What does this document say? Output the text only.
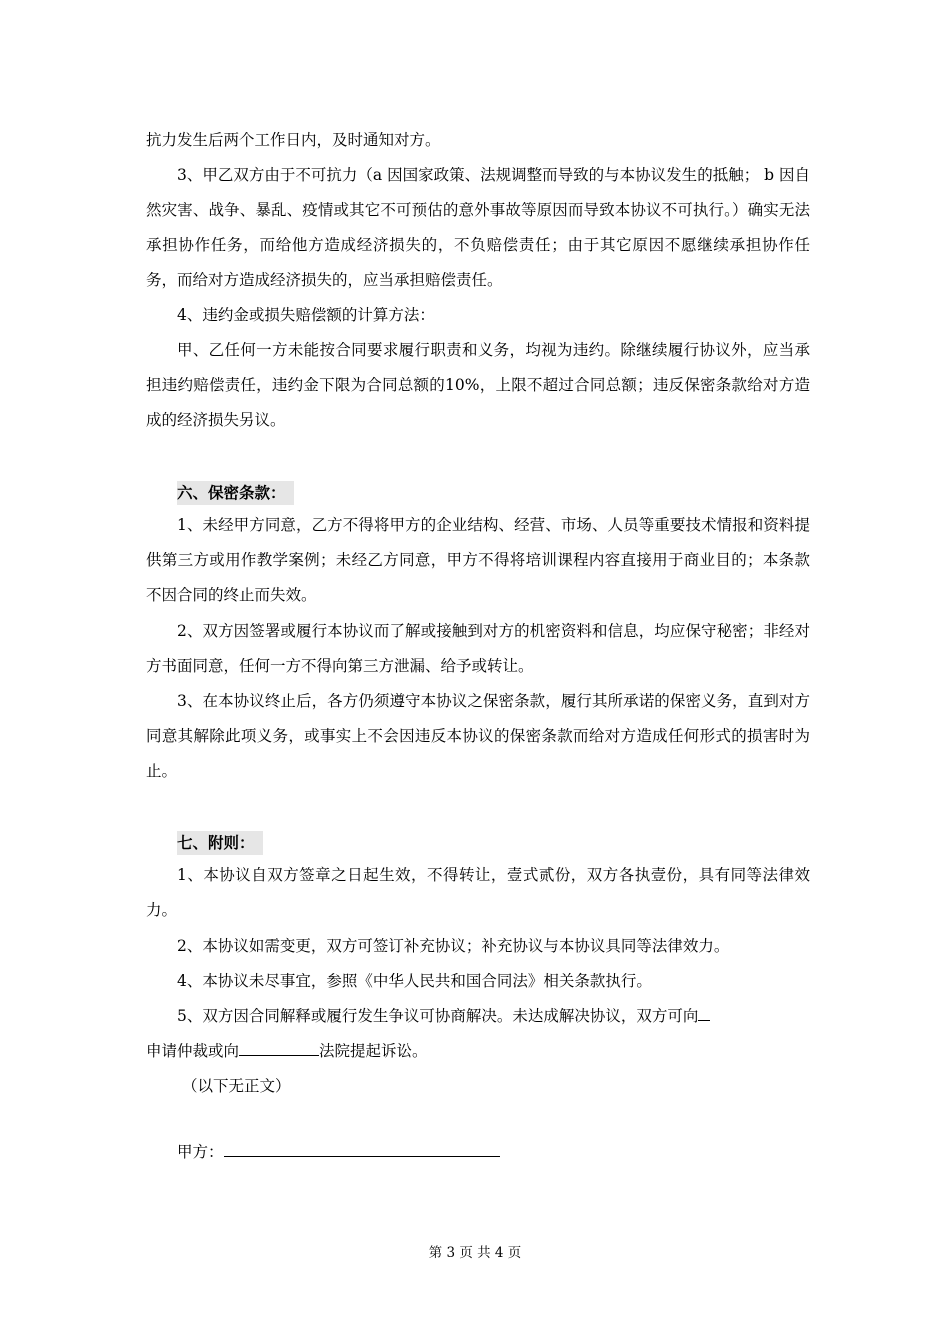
抗力发生后两个工作日内，及时通知对方。

3、甲乙双方由于不可抗力（a 因国家政策、法规调整而导致的与本协议发生的抵触； b 因自然灾害、战争、暴乱、疫情或其它不可预估的意外事故等原因而导致本协议不可执行。）确实无法承担协作任务，而给他方造成经济损失的，不负赔偿责任；由于其它原因不愿继续承担协作任务，而给对方造成经济损失的，应当承担赔偿责任。

4、违约金或损失赔偿额的计算方法：

甲、乙任何一方未能按合同要求履行职责和义务，均视为违约。除继续履行协议外，应当承担违约赔偿责任，违约金下限为合同总额的10%，上限不超过合同总额；违反保密条款给对方造成的经济损失另议。

六、保密条款：

1、未经甲方同意，乙方不得将甲方的企业结构、经营、市场、人员等重要技术情报和资料提供第三方或用作教学案例；未经乙方同意，甲方不得将培训课程内容直接用于商业目的；本条款不因合同的终止而失效。

2、双方因签署或履行本协议而了解或接触到对方的机密资料和信息，均应保守秘密；非经对方书面同意，任何一方不得向第三方泄漏、给予或转让。

3、在本协议终止后，各方仍须遵守本协议之保密条款，履行其所承诺的保密义务，直到对方同意其解除此项义务，或事实上不会因违反本协议的保密条款而给对方造成任何形式的损害时为止。

七、附则：

1、本协议自双方签章之日起生效，不得转让，壹式贰份，双方各执壹份，具有同等法律效力。

2、本协议如需变更，双方可签订补充协议；补充协议与本协议具同等法律效力。

4、本协议未尽事宜，参照《中华人民共和国合同法》相关条款执行。

5、双方因合同解释或履行发生争议可协商解决。未达成解决协议，双方可向
申请仲裁或向	法院提起诉讼。

（以下无正文）

甲方：
第 3 页 共 4 页
